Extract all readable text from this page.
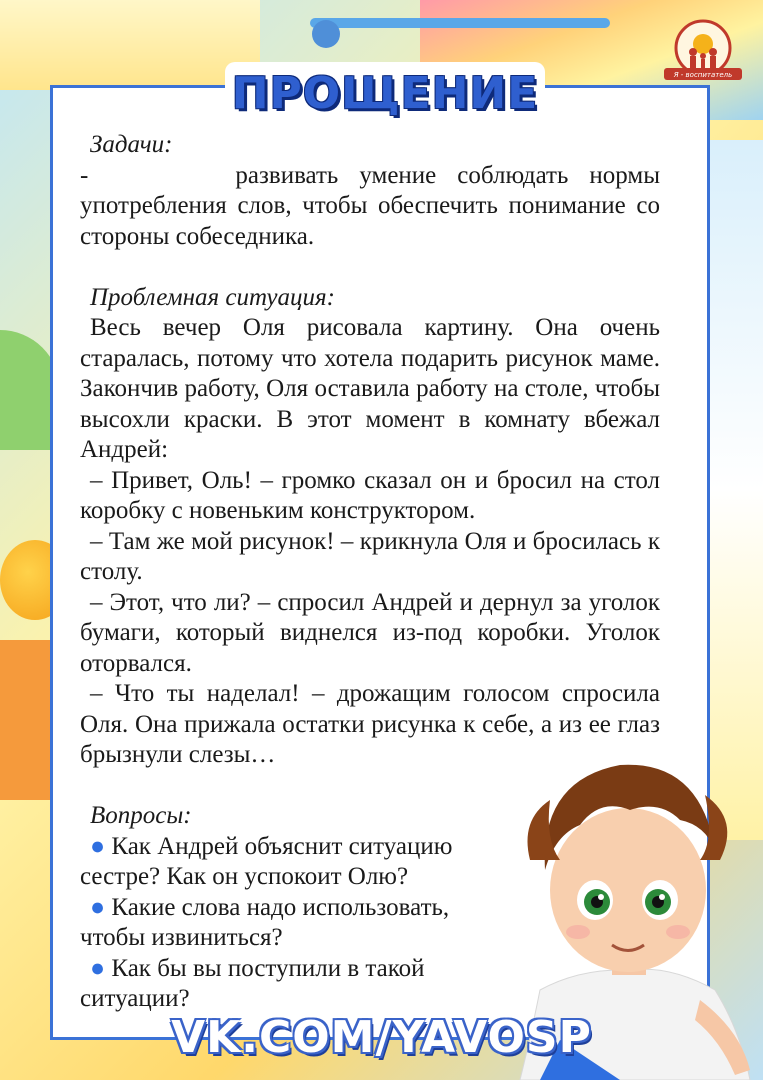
Я - воспитатель
ПРОЩЕНИЕ

Задачи:

-       развивать умение соблюдать нормы употребления слов, чтобы обеспечить понимание со стороны собеседника.

Проблемная ситуация:

Весь вечер Оля рисовала картину. Она очень старалась, потому что хотела подарить рисунок маме. Закончив работу, Оля оставила работу на столе, чтобы высохли краски. В этот момент в комнату вбежал Андрей:

– Привет, Оль! – громко сказал он и бросил на стол коробку с новеньким конструктором.

– Там же мой рисунок! – крикнула Оля и бросилась к столу.

– Этот, что ли? – спросил Андрей и дернул за уголок бумаги, который виднелся из-под коробки. Уголок оторвался.

– Что ты наделал! – дрожащим голосом спросила Оля. Она прижала остатки рисунка к себе, а из ее глаз брызнули слезы…

Вопросы:

● Как Андрей объяснит ситуацию сестре? Как он успокоит Олю?

● Какие слова надо использовать, чтобы извиниться?

● Как бы вы поступили в такой ситуации?

VK.COM/YAVOSP
